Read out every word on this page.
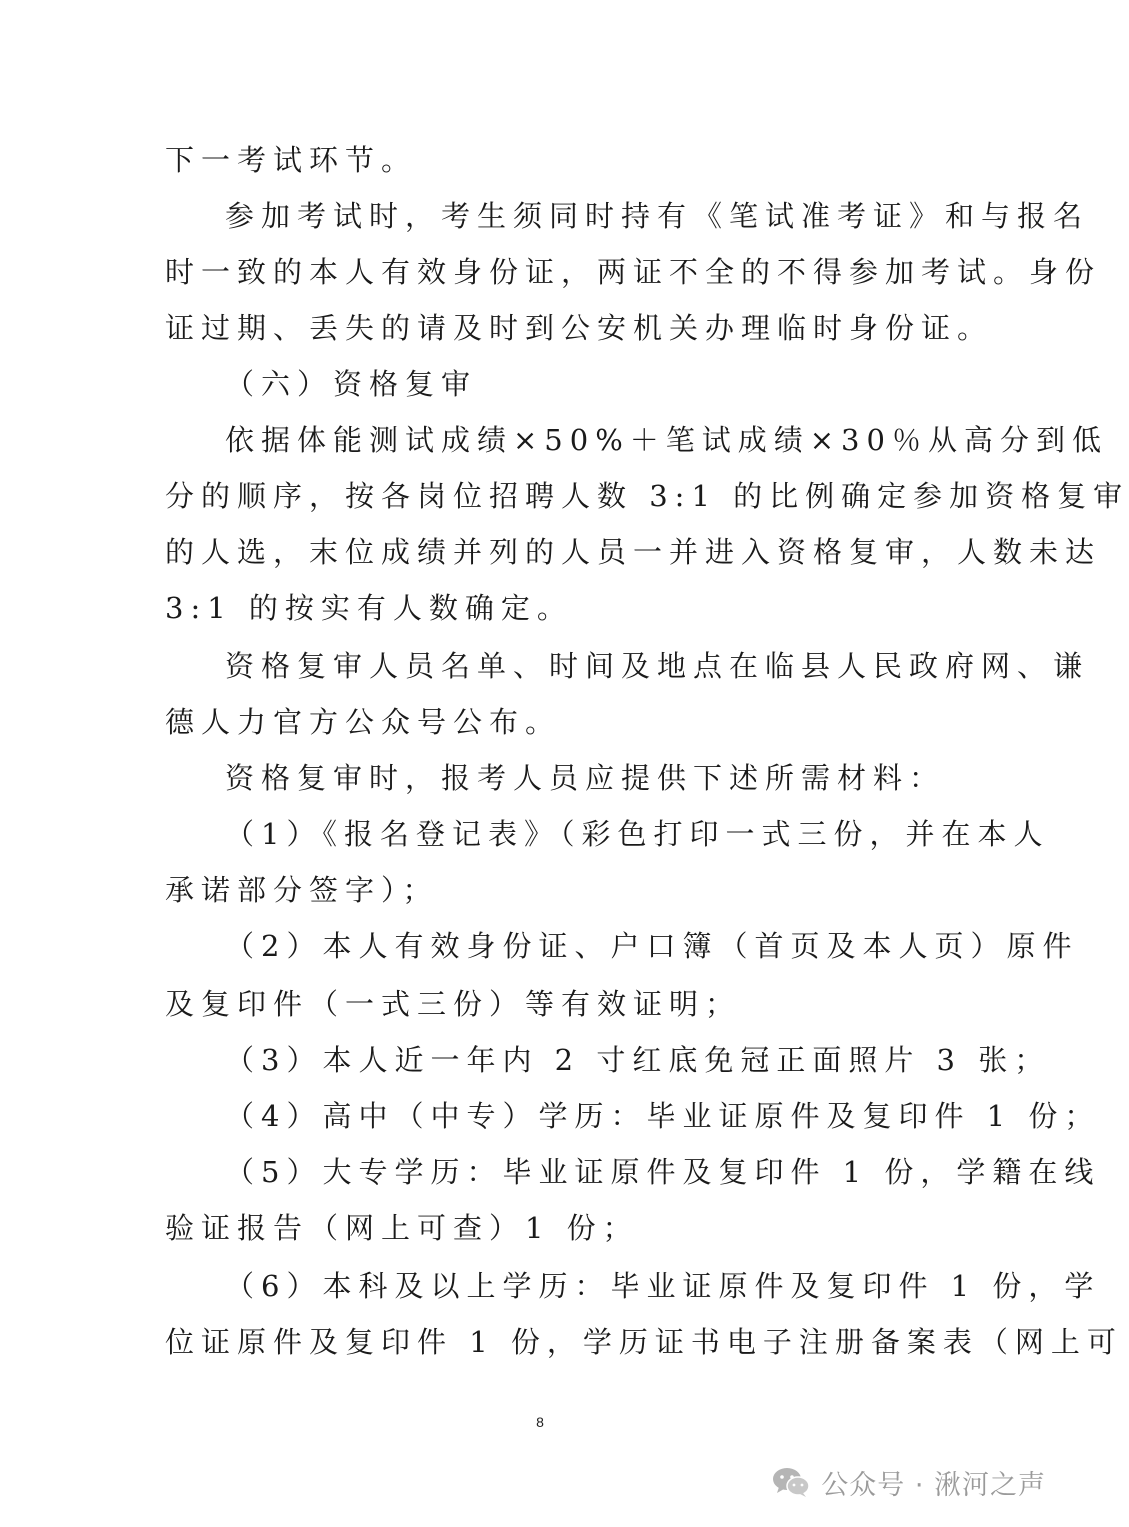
下一考试环节。
参加考试时，考生须同时持有《笔试准考证》和与报名
时一致的本人有效身份证，两证不全的不得参加考试。身份
证过期、丢失的请及时到公安机关办理临时身份证。
（六）资格复审
依据体能测试成绩×50%＋笔试成绩×30％从高分到低
分的顺序，按各岗位招聘人数 3:1 的比例确定参加资格复审
的人选，末位成绩并列的人员一并进入资格复审，人数未达
3:1 的按实有人数确定。
资格复审人员名单、时间及地点在临县人民政府网、谦
德人力官方公众号公布。
资格复审时，报考人员应提供下述所需材料：
（1）《报名登记表》（彩色打印一式三份，并在本人
承诺部分签字）；
（2）本人有效身份证、户口簿（首页及本人页）原件
及复印件（一式三份）等有效证明；
（3）本人近一年内 2 寸红底免冠正面照片 3 张；
（4）高中（中专）学历：毕业证原件及复印件 1 份；
（5）大专学历：毕业证原件及复印件 1 份，学籍在线
验证报告（网上可查）1 份；
（6）本科及以上学历：毕业证原件及复印件 1 份，学
位证原件及复印件 1 份，学历证书电子注册备案表（网上可
8
公众号 · 湫河之声
